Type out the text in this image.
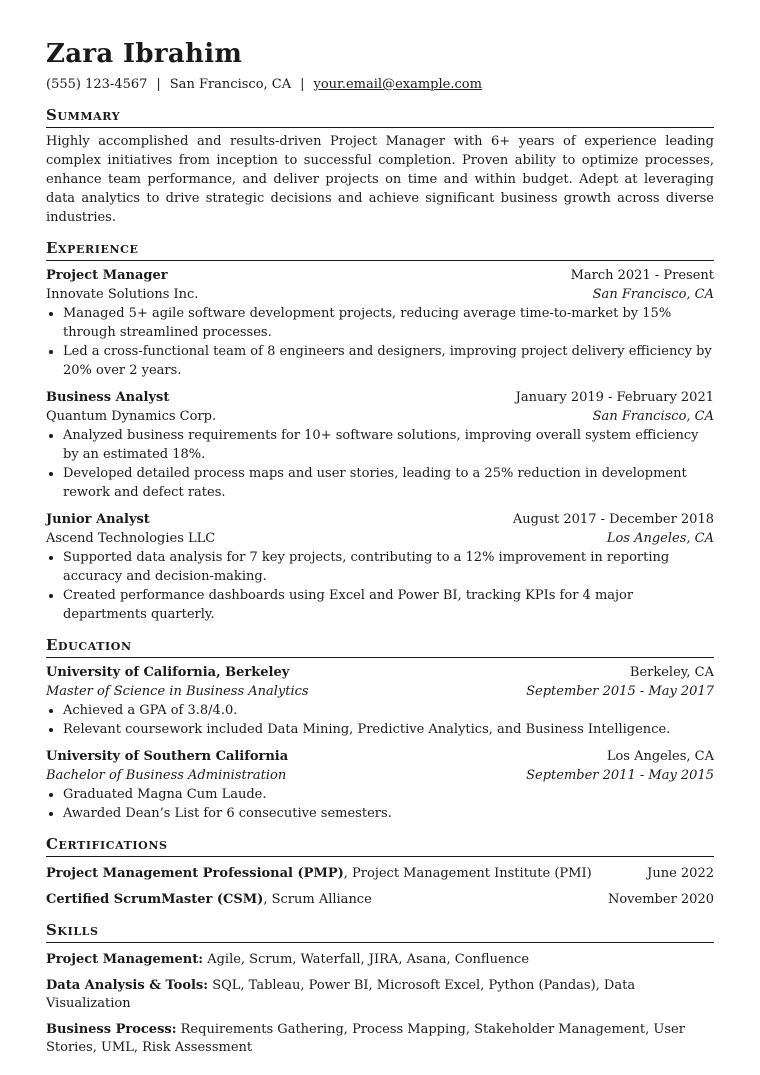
Zara Ibrahim
(555) 123-4567 | San Francisco, CA | your.email@example.com
Summary
Highly accomplished and results-driven Project Manager with 6+ years of experience leading complex initiatives from inception to successful completion. Proven ability to optimize processes, enhance team performance, and deliver projects on time and within budget. Adept at leveraging data analytics to drive strategic decisions and achieve significant business growth across diverse industries.
Experience
Project Manager	March 2021 - Present
Innovate Solutions Inc.	San Francisco, CA
• Managed 5+ agile software development projects, reducing average time-to-market by 15% through streamlined processes.
• Led a cross-functional team of 8 engineers and designers, improving project delivery efficiency by 20% over 2 years.
Business Analyst	January 2019 - February 2021
Quantum Dynamics Corp.	San Francisco, CA
• Analyzed business requirements for 10+ software solutions, improving overall system efficiency by an estimated 18%.
• Developed detailed process maps and user stories, leading to a 25% reduction in development rework and defect rates.
Junior Analyst	August 2017 - December 2018
Ascend Technologies LLC	Los Angeles, CA
• Supported data analysis for 7 key projects, contributing to a 12% improvement in reporting accuracy and decision-making.
• Created performance dashboards using Excel and Power BI, tracking KPIs for 4 major departments quarterly.
Education
University of California, Berkeley	Berkeley, CA
Master of Science in Business Analytics	September 2015 - May 2017
• Achieved a GPA of 3.8/4.0.
• Relevant coursework included Data Mining, Predictive Analytics, and Business Intelligence.
University of Southern California	Los Angeles, CA
Bachelor of Business Administration	September 2011 - May 2015
• Graduated Magna Cum Laude.
• Awarded Dean’s List for 6 consecutive semesters.
Certifications
Project Management Professional (PMP), Project Management Institute (PMI)	June 2022
Certified ScrumMaster (CSM), Scrum Alliance	November 2020
Skills
Project Management: Agile, Scrum, Waterfall, JIRA, Asana, Confluence
Data Analysis & Tools: SQL, Tableau, Power BI, Microsoft Excel, Python (Pandas), Data Visualization
Business Process: Requirements Gathering, Process Mapping, Stakeholder Management, User Stories, UML, Risk Assessment
